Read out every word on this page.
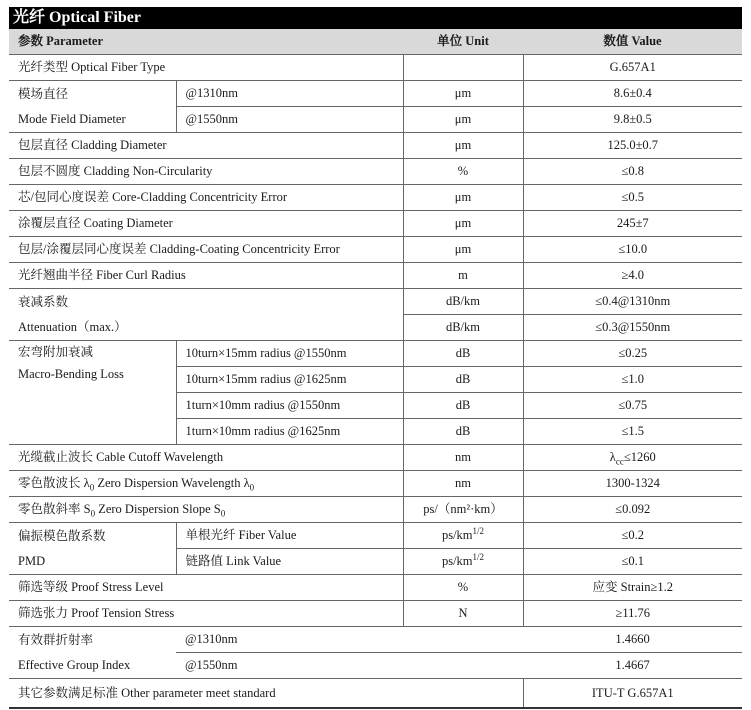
光纤 Optical Fiber
参数 Parameter		单位 Unit	数值 Value
光纤类型 Optical Fiber Type			G.657A1

模场直径
Mode Field Diameter	@1310nm	μm	8.6±0.4
	@1550nm	μm	9.8±0.5
包层直径 Cladding Diameter		μm	125.0±0.7
包层不圆度 Cladding Non-Circularity		%	≤0.8
芯/包同心度误差 Core-Cladding Concentricity Error		μm	≤0.5
涂覆层直径 Coating Diameter		μm	245±7
包层/涂覆层同心度误差 Cladding-Coating Concentricity Error		μm	≤10.0
光纤翘曲半径 Fiber Curl Radius		m	≥4.0

衰减系数
Attenuation（max.）		dB/km	≤0.4@1310nm
		dB/km	≤0.3@1550nm

宏弯附加衰减
Macro-Bending Loss	10turn×15mm radius @1550nm	dB	≤0.25
	10turn×15mm radius @1625nm	dB	≤1.0
	1turn×10mm radius @1550nm	dB	≤0.75
	1turn×10mm radius @1625nm	dB	≤1.5
光缆截止波长 Cable Cutoff Wavelength		nm	$\lambda_{cc}\le 1260$
零色散波长 $\lambda_0$ Zero Dispersion Wavelength $\lambda_0$		nm	1300-1324
零色散斜率 $S_0$ Zero Dispersion Slope $S_0$		ps/（nm²·km）	≤0.092

偏振模色散系数
PMD	单根光纤 Fiber Value	$ps/km^{1/2}$	≤0.2
	链路值 Link Value	$ps/km^{1/2}$	≤0.1
筛选等级 Proof Stress Level		%	应变 Strain≥1.2
筛选张力 Proof Tension Stress		N	≥11.76

有效群折射率
Effective Group Index	@1310nm		1.4660
	@1550nm		1.4667
其它参数满足标准 Other parameter meet standard			ITU-T G.657A1
